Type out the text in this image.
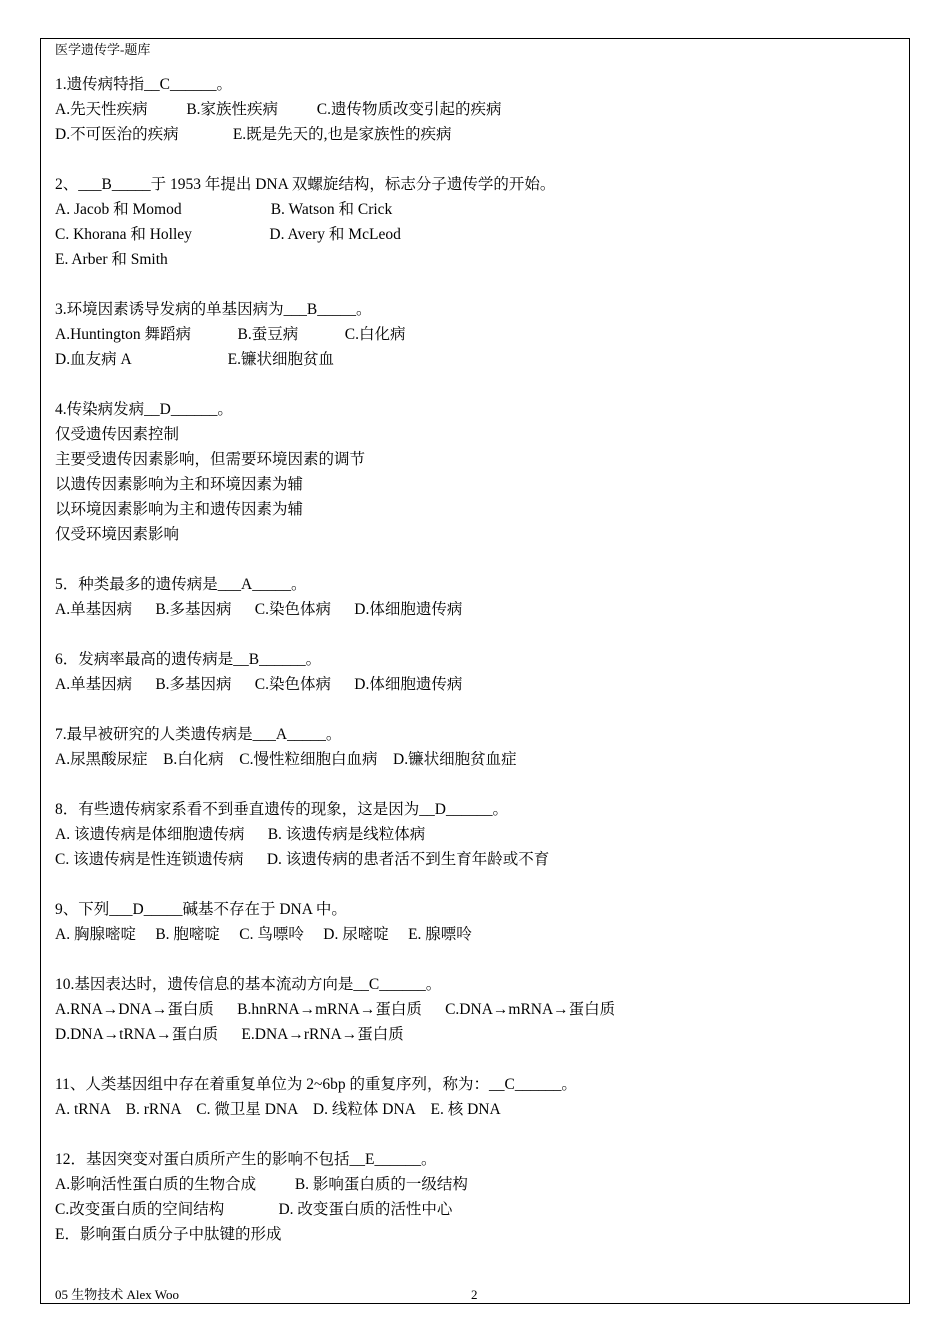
医学遗传学-题库
1.遗传病特指__C______。
A.先天性疾病          B.家族性疾病          C.遗传物质改变引起的疾病
D.不可医治的疾病              E.既是先天的,也是家族性的疾病
2、___B_____于 1953 年提出 DNA 双螺旋结构，标志分子遗传学的开始。
A. Jacob 和 Momod                       B. Watson 和 Crick
C. Khorana 和 Holley                    D. Avery 和 McLeod
E. Arber 和 Smith
3.环境因素诱导发病的单基因病为___B_____。
A.Huntington 舞蹈病            B.蚕豆病            C.白化病
D.血友病 A                         E.镰状细胞贫血
4.传染病发病__D______。
仅受遗传因素控制
主要受遗传因素影响，但需要环境因素的调节
以遗传因素影响为主和环境因素为辅
以环境因素影响为主和遗传因素为辅
仅受环境因素影响
5．种类最多的遗传病是___A_____。
A.单基因病      B.多基因病      C.染色体病      D.体细胞遗传病
6．发病率最高的遗传病是__B______。
A.单基因病      B.多基因病      C.染色体病      D.体细胞遗传病
7.最早被研究的人类遗传病是___A_____。
A.尿黑酸尿症    B.白化病    C.慢性粒细胞白血病    D.镰状细胞贫血症
8．有些遗传病家系看不到垂直遗传的现象，这是因为__D______。
A. 该遗传病是体细胞遗传病      B. 该遗传病是线粒体病
C. 该遗传病是性连锁遗传病      D. 该遗传病的患者活不到生育年龄或不育
9、下列___D_____碱基不存在于 DNA 中。
A. 胸腺嘧啶     B. 胞嘧啶     C. 鸟嘌呤     D. 尿嘧啶     E. 腺嘌呤
10.基因表达时，遗传信息的基本流动方向是__C______。
A.RNA→DNA→蛋白质      B.hnRNA→mRNA→蛋白质      C.DNA→mRNA→蛋白质
D.DNA→tRNA→蛋白质      E.DNA→rRNA→蛋白质
11、人类基因组中存在着重复单位为 2~6bp 的重复序列，称为：__C______。
A. tRNA    B. rRNA    C. 微卫星 DNA    D. 线粒体 DNA    E. 核 DNA
12．基因突变对蛋白质所产生的影响不包括__E______。
A.影响活性蛋白质的生物合成          B. 影响蛋白质的一级结构
C.改变蛋白质的空间结构              D. 改变蛋白质的活性中心
E．影响蛋白质分子中肽键的形成
05 生物技术 Alex Woo	2
